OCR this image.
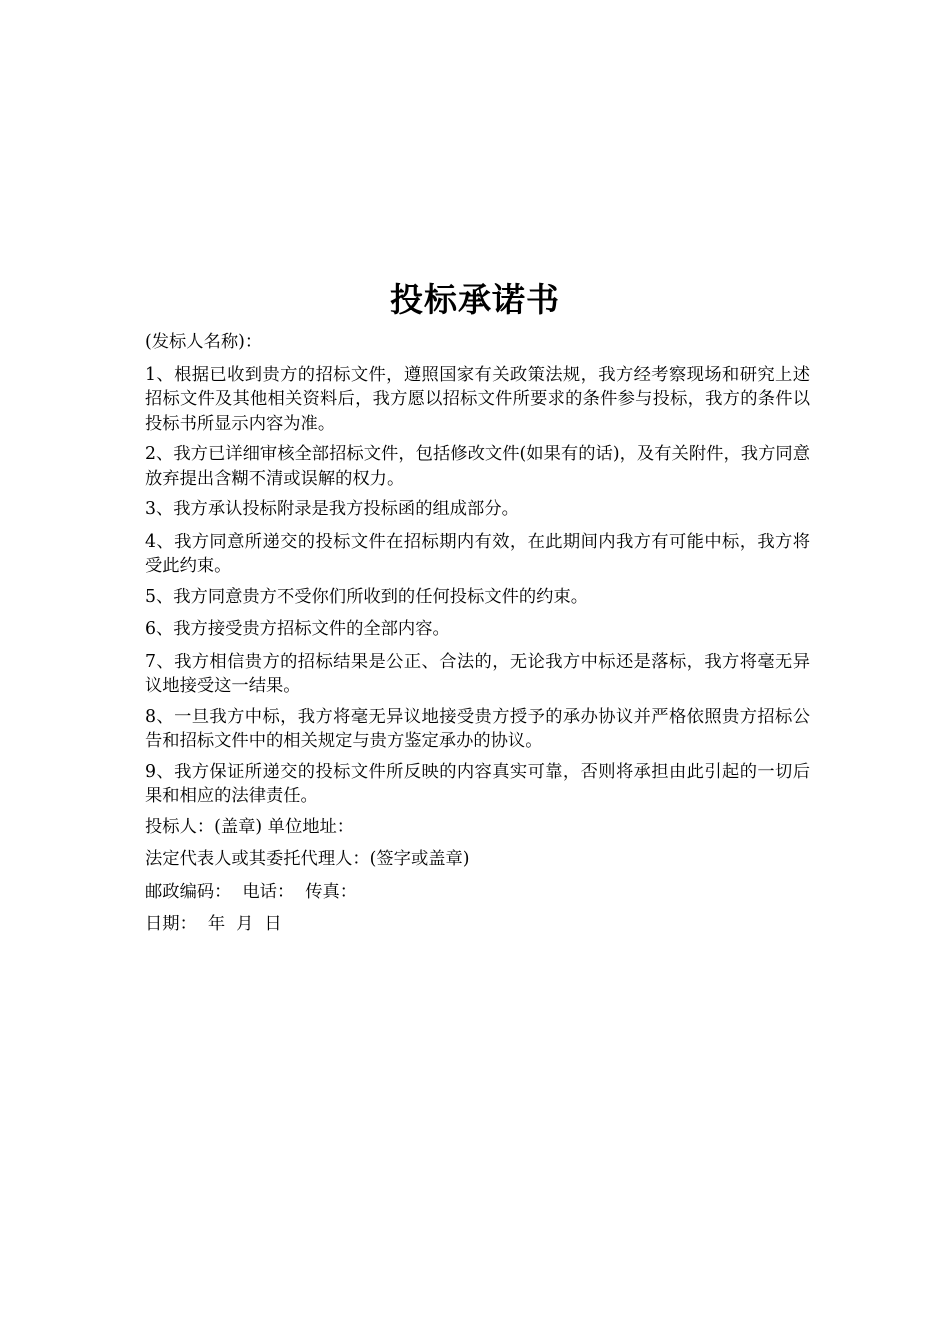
投标承诺书

(发标人名称)：

1、根据已收到贵方的招标文件，遵照国家有关政策法规，我方经考察现场和研究上述招标文件及其他相关资料后，我方愿以招标文件所要求的条件参与投标，我方的条件以投标书所显示内容为准。

2、我方已详细审核全部招标文件，包括修改文件(如果有的话)，及有关附件，我方同意放弃提出含糊不清或误解的权力。

3、我方承认投标附录是我方投标函的组成部分。

4、我方同意所递交的投标文件在招标期内有效，在此期间内我方有可能中标，我方将受此约束。

5、我方同意贵方不受你们所收到的任何投标文件的约束。

6、我方接受贵方招标文件的全部内容。

7、我方相信贵方的招标结果是公正、合法的，无论我方中标还是落标，我方将毫无异议地接受这一结果。

8、一旦我方中标，我方将毫无异议地接受贵方授予的承办协议并严格依照贵方招标公告和招标文件中的相关规定与贵方鉴定承办的协议。

9、我方保证所递交的投标文件所反映的内容真实可靠，否则将承担由此引起的一切后果和相应的法律责任。

投标人：(盖章) 单位地址：
法定代表人或其委托代理人：(签字或盖章)
邮政编码：  电话：  传真：
日期：  年  月  日
